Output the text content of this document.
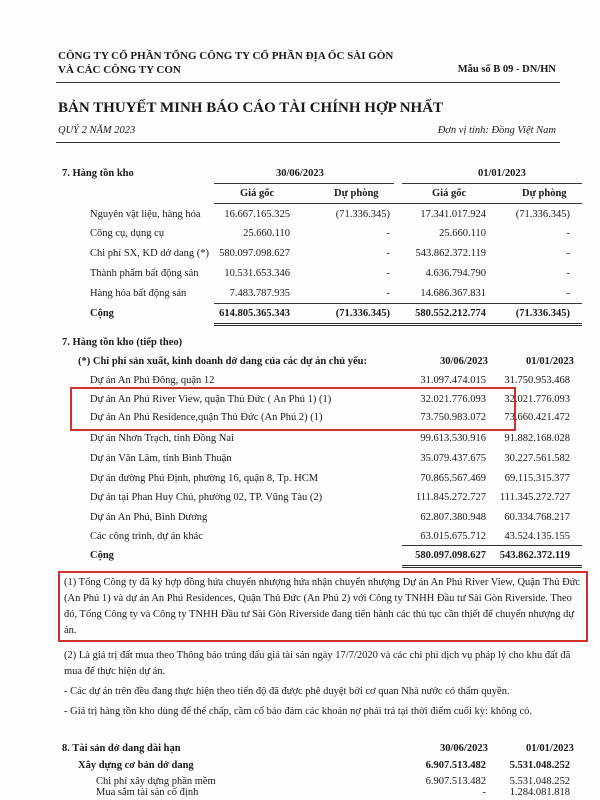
CÔNG TY CỔ PHẦN TỔNG CÔNG TY CỔ PHẦN ĐỊA ỐC SÀI GÒN
VÀ CÁC CÔNG TY CON	Mẫu số B 09 - DN/HN
BẢN THUYẾT MINH BÁO CÁO TÀI CHÍNH HỢP NHẤT
QUÝ 2 NĂM 2023	Đơn vị tính: Đồng Việt Nam
7. Hàng tồn kho	30/06/2023	01/01/2023
Giá gốc	Dự phòng	Giá gốc	Dự phòng
Nguyên vật liệu, hàng hóa 16.667.165.325	(71.336.345)	17.341.017.924	(71.336.345)
Công cụ, dụng cụ	25.660.110	-	25.660.110	-
Chi phí SX, KD dở dang (*) 580.097.098.627	- 543.862.372.119	-
Thành phẩm bất động sản 10.531.653.346	-	4.636.794.790	-
Hàng hóa bất động sản	7.483.787.935	-	14.686.367.831	-
Cộng	614.805.365.343	(71.336.345) 580.552.212.774	(71.336.345)
7. Hàng tồn kho (tiếp theo)
(*) Chi phí sản xuất, kinh doanh dở dang của các dự án chủ yếu:	30/06/2023	01/01/2023
Dự án An Phú Đông, quận 12	31.097.474.015 31.750.953.468
Dự án An Phú River View, quận Thủ Đức ( An Phú 1) (1)	32.021.776.093 32.021.776.093
Dự án An Phú Residence,quận Thủ Đức (An Phú 2) (1)	73.750.983.072 73.660.421.472
Dự án Nhơn Trạch, tỉnh Đồng Nai	99.613.530.916 91.882.168.028
Dự án Văn Lâm, tỉnh Bình Thuận	35.079.437.675 30.227.561.582
Dự án đường Phú Định, phường 16, quận 8, Tp. HCM	70.865.567.469 69.115.315.377
Dự án tại Phan Huy Chú, phường 02, TP. Vũng Tàu (2)	111.845.272.727 111.345.272.727
Dự án An Phú, Bình Dương	62.807.380.948 60.334.768.217
Các công trình, dự án khác	63.015.675.712 43.524.135.155
Cộng	580.097.098.627 543.862.372.119
(1) Tổng Công ty đã ký hợp đồng hứa chuyển nhượng hứa nhận chuyển nhượng Dự án An Phú River View, Quận Thủ Đức (An Phú 1) và dự án An Phú Residences, Quận Thủ Đức (An Phú 2) với Công ty TNHH Đầu tư Sài Gòn Riverside. Theo đó, Tổng Công ty và Công ty TNHH Đầu tư Sài Gòn Riverside đang tiến hành các thủ tục cần thiết để chuyển nhượng dự án.
(2) Là giá trị đất mua theo Thông báo trúng đấu giá tài sản ngày 17/7/2020 và các chi phí dịch vụ pháp lý cho khu đất đã mua để thực hiện dự án.
- Các dự án trên đều đang thực hiện theo tiến độ đã được phê duyệt bởi cơ quan Nhà nước có thẩm quyền.
- Giá trị hàng tồn kho dùng để thế chấp, cầm cố bảo đảm các khoản nợ phải trả tại thời điểm cuối kỳ: không có.
8. Tài sản dở dang dài hạn	30/06/2023	01/01/2023
Xây dựng cơ bản dở dang	6.907.513.482 5.531.048.252
Chi phí xây dựng phần mềm	6.907.513.482 5.531.048.252
Mua sắm tài sản cố định	- 1.284.081.818
